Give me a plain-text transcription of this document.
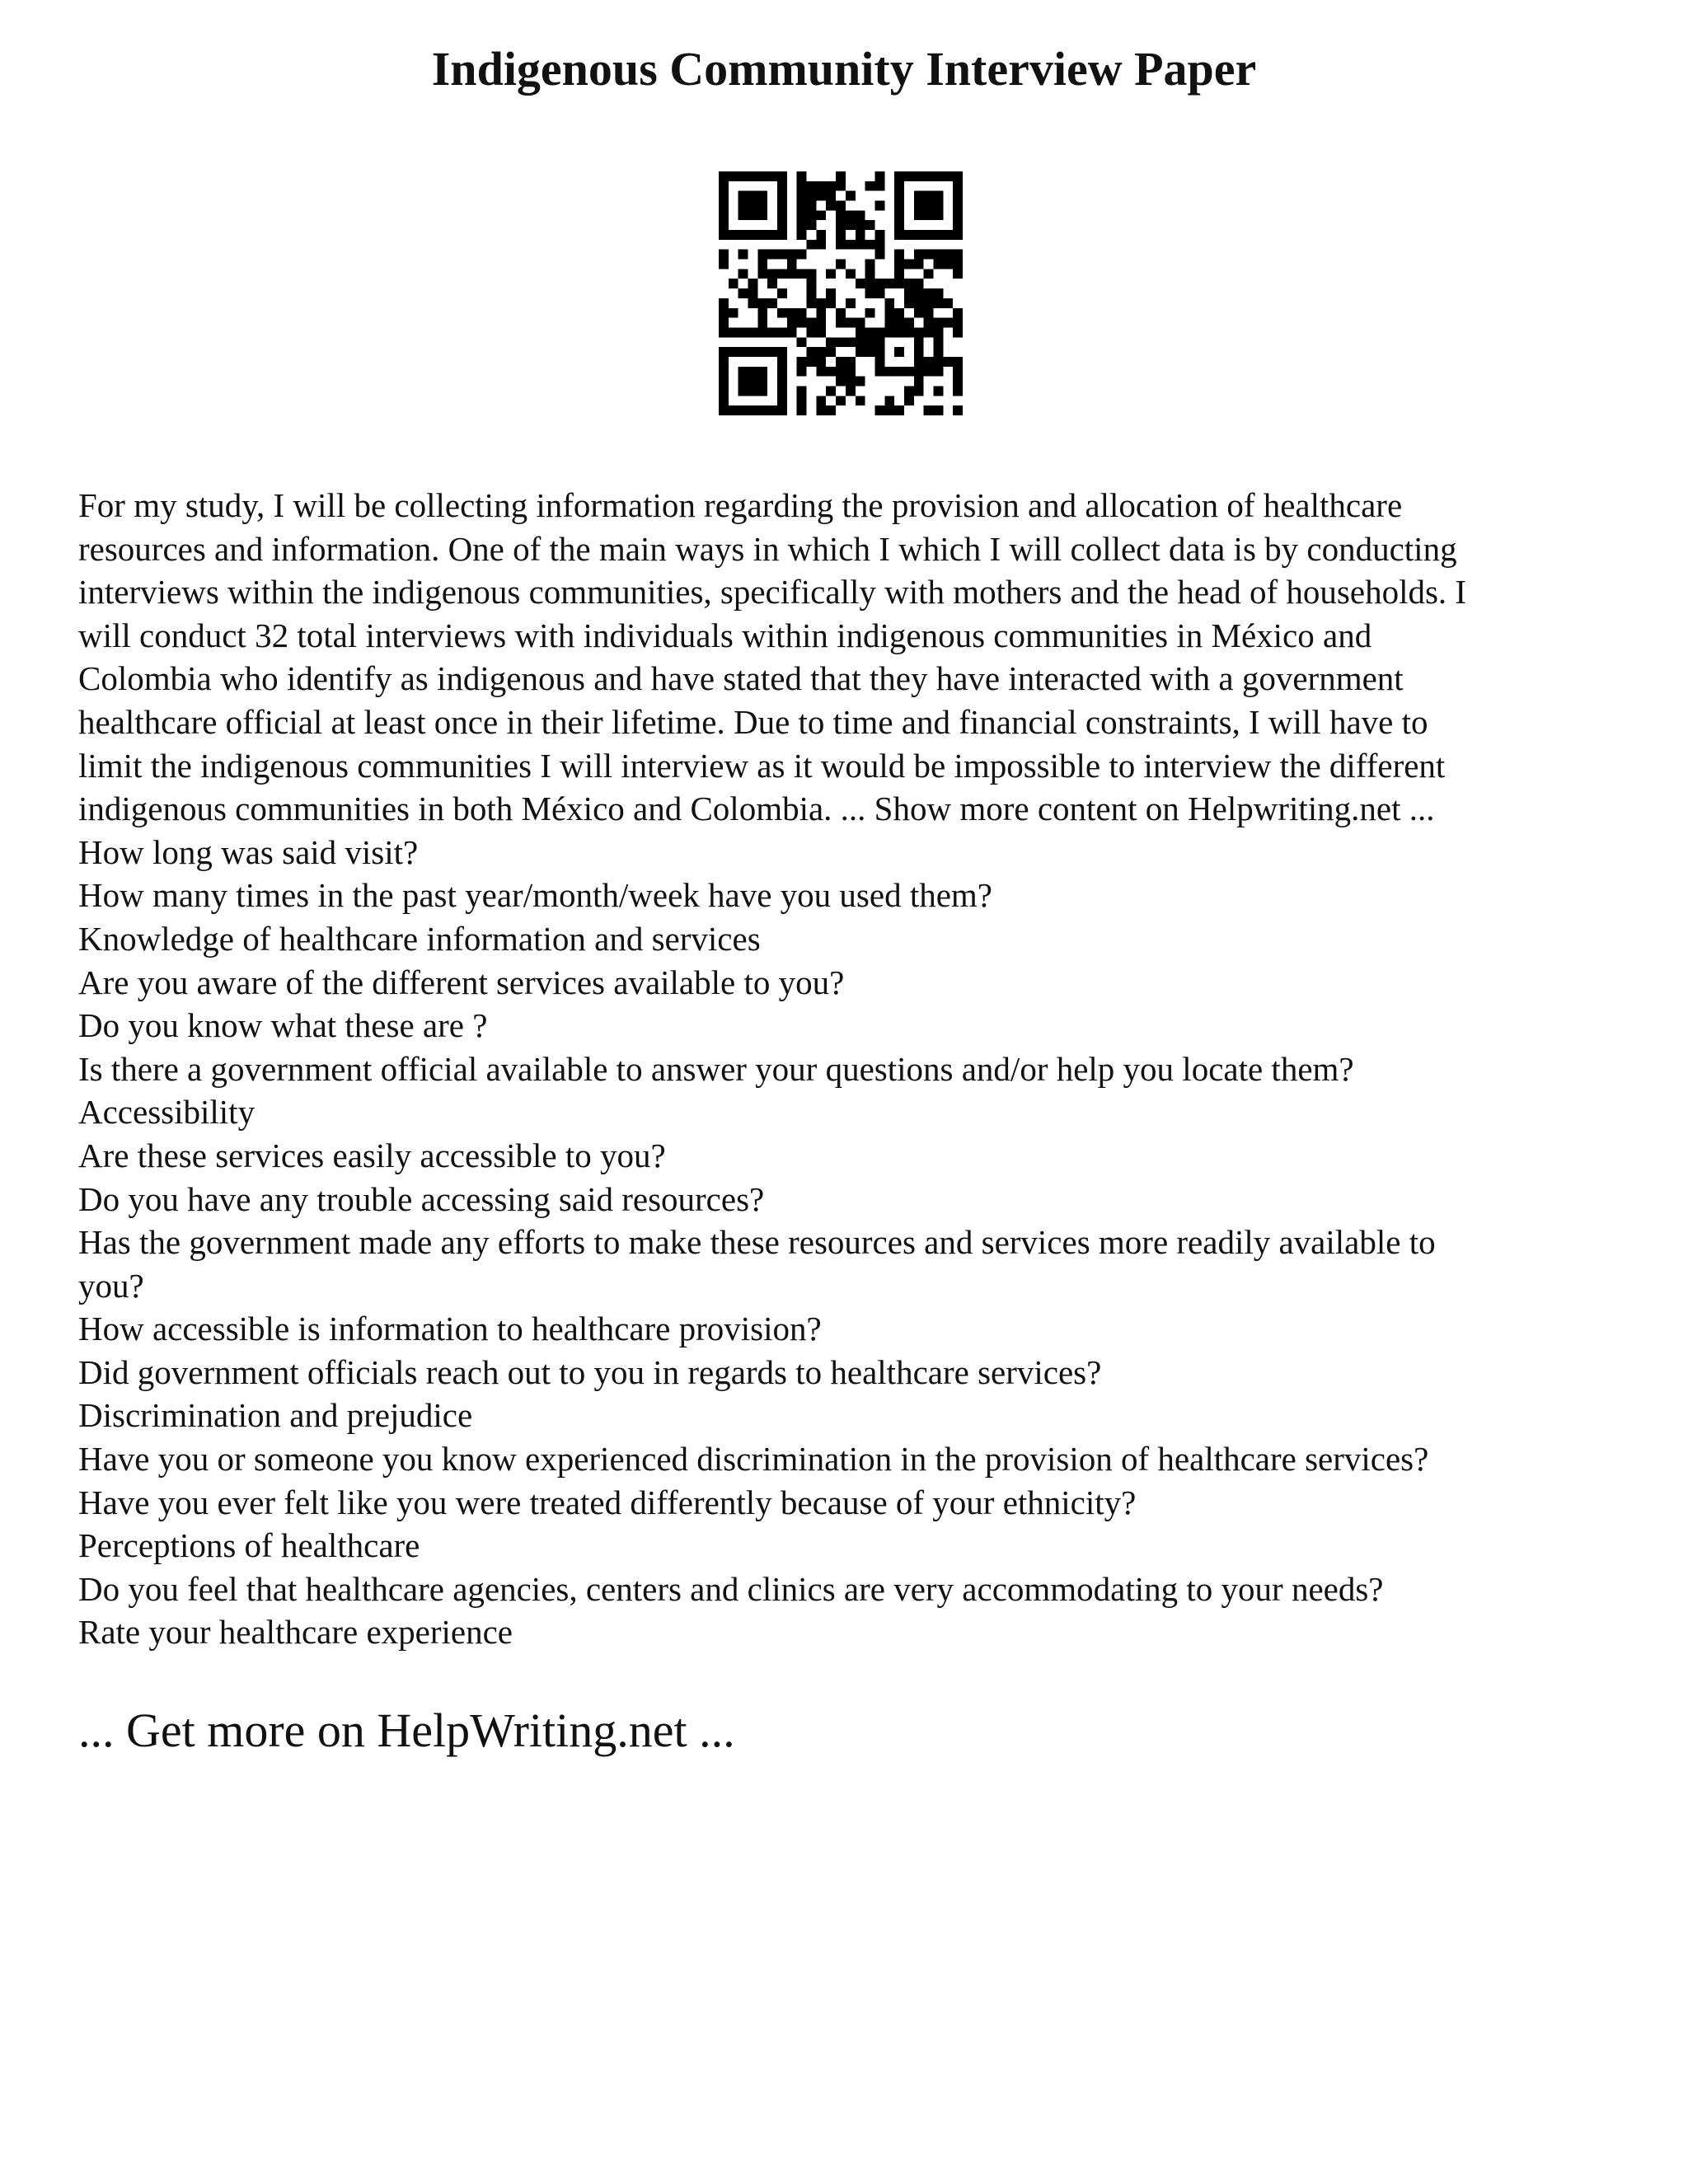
Indigenous Community Interview Paper

For my study, I will be collecting information regarding the provision and allocation of healthcare
resources and information. One of the main ways in which I which I will collect data is by conducting
interviews within the indigenous communities, specifically with mothers and the head of households. I
will conduct 32 total interviews with individuals within indigenous communities in México and
Colombia who identify as indigenous and have stated that they have interacted with a government
healthcare official at least once in their lifetime. Due to time and financial constraints, I will have to
limit the indigenous communities I will interview as it would be impossible to interview the different
indigenous communities in both México and Colombia. ... Show more content on Helpwriting.net ...

How long was said visit?
How many times in the past year/month/week have you used them?
Knowledge of healthcare information and services
Are you aware of the different services available to you?
Do you know what these are ?
Is there a government official available to answer your questions and/or help you locate them?
Accessibility
Are these services easily accessible to you?
Do you have any trouble accessing said resources?
Has the government made any efforts to make these resources and services more readily available to
you?
How accessible is information to healthcare provision?
Did government officials reach out to you in regards to healthcare services?
Discrimination and prejudice
Have you or someone you know experienced discrimination in the provision of healthcare services?
Have you ever felt like you were treated differently because of your ethnicity?
Perceptions of healthcare
Do you feel that healthcare agencies, centers and clinics are very accommodating to your needs?
Rate your healthcare experience
... Get more on HelpWriting.net ...
